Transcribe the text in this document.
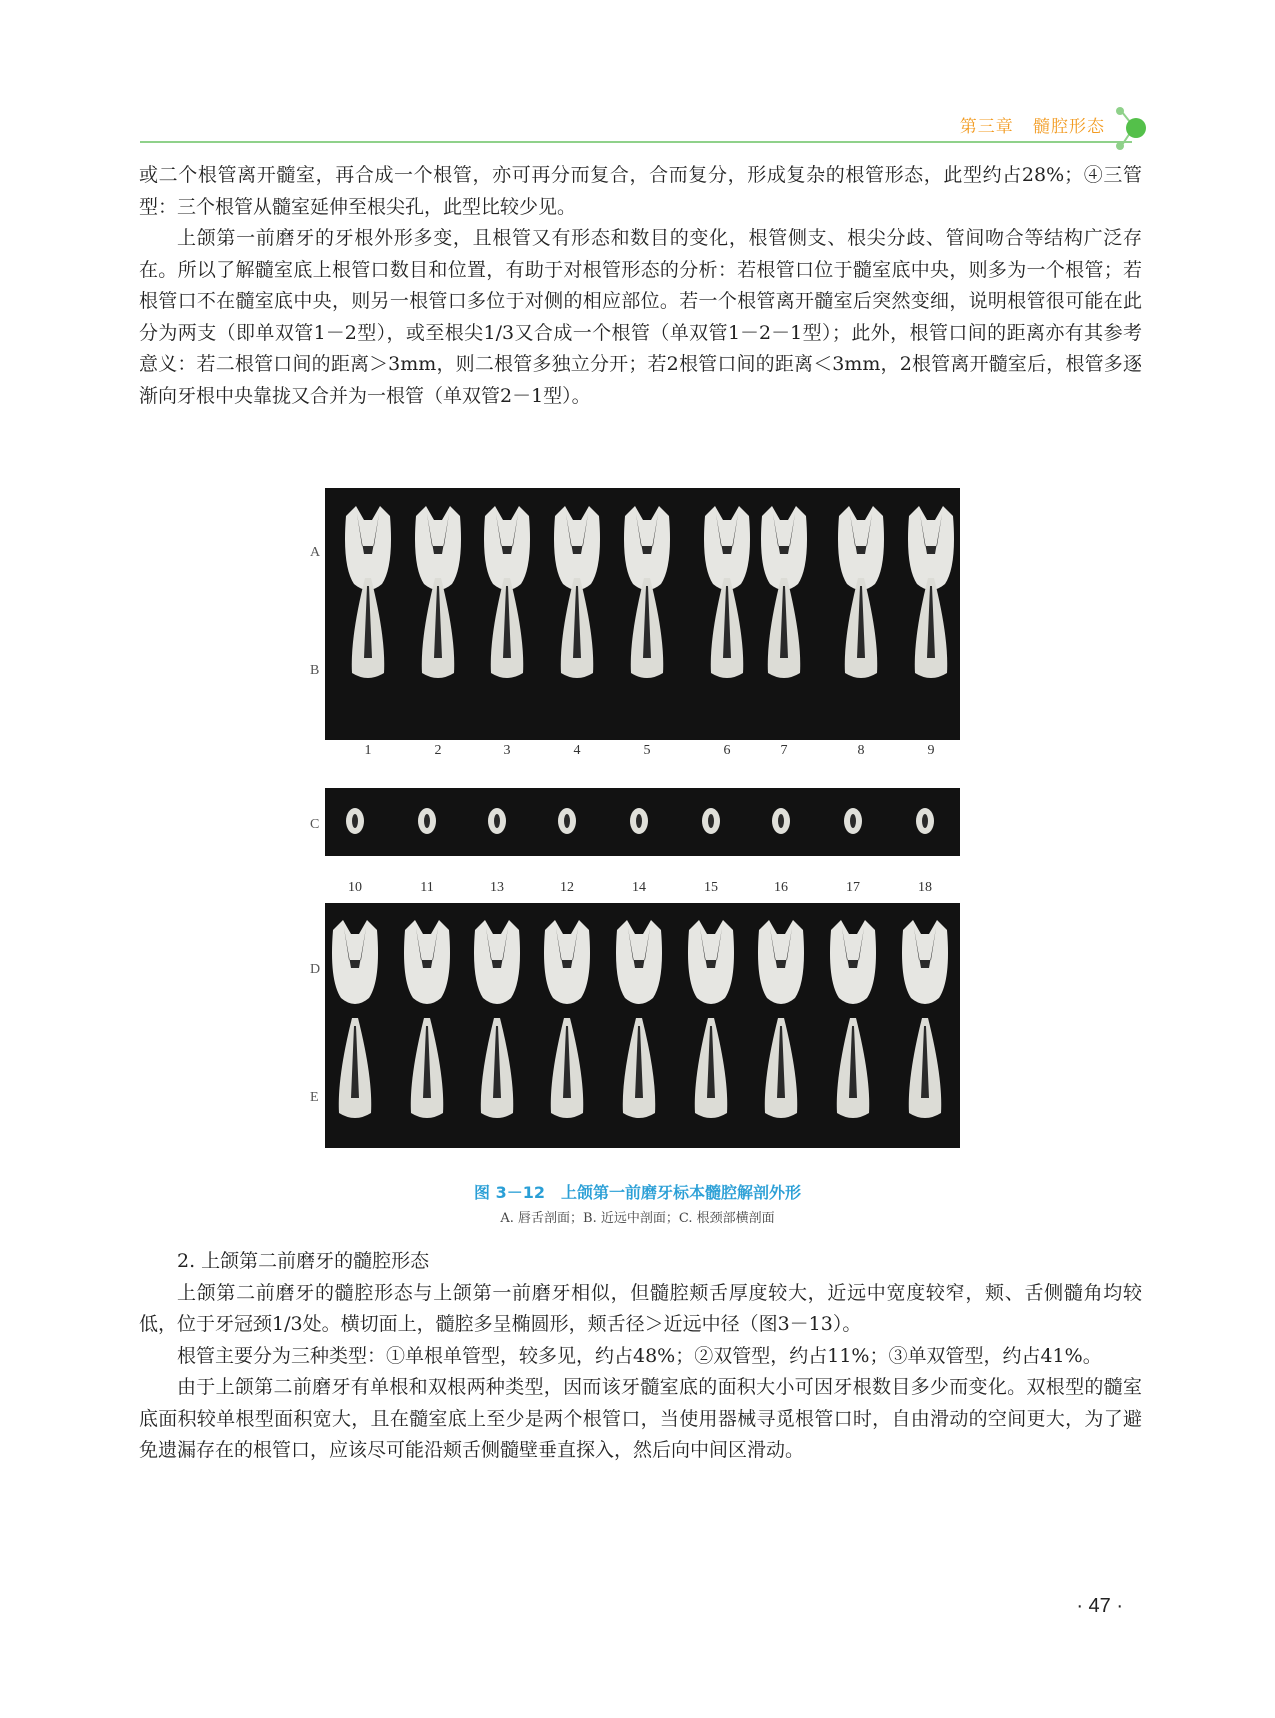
第三章 髓腔形态

或二个根管离开髓室，再合成一个根管，亦可再分而复合，合而复分，形成复杂的根管形态，此型约占28%；④三管型：三个根管从髓室延伸至根尖孔，此型比较少见。

上颌第一前磨牙的牙根外形多变，且根管又有形态和数目的变化，根管侧支、根尖分歧、管间吻合等结构广泛存在。所以了解髓室底上根管口数目和位置，有助于对根管形态的分析：若根管口位于髓室底中央，则多为一个根管；若根管口不在髓室底中央，则另一根管口多位于对侧的相应部位。若一个根管离开髓室后突然变细，说明根管很可能在此分为两支（即单双管1－2型），或至根尖1/3又合成一个根管（单双管1－2－1型）；此外，根管口间的距离亦有其参考意义：若二根管口间的距离＞3mm，则二根管多独立分开；若2根管口间的距离＜3mm，2根管离开髓室后，根管多逐渐向牙根中央靠拢又合并为一根管（单双管2－1型）。

A
B
C
D
E
1	2	3	4	5	6	7	8	9
10	11	13	12	14	15	16	17	18
图 3－12　上颌第一前磨牙标本髓腔解剖外形
A. 唇舌剖面；B. 近远中剖面；C. 根颈部横剖面

2. 上颌第二前磨牙的髓腔形态

上颌第二前磨牙的髓腔形态与上颌第一前磨牙相似，但髓腔颊舌厚度较大，近远中宽度较窄，颊、舌侧髓角均较低，位于牙冠颈1/3处。横切面上，髓腔多呈椭圆形，颊舌径＞近远中径（图3－13）。

根管主要分为三种类型：①单根单管型，较多见，约占48%；②双管型，约占11%；③单双管型，约占41%。

由于上颌第二前磨牙有单根和双根两种类型，因而该牙髓室底的面积大小可因牙根数目多少而变化。双根型的髓室底面积较单根型面积宽大，且在髓室底上至少是两个根管口，当使用器械寻觅根管口时，自由滑动的空间更大，为了避免遗漏存在的根管口，应该尽可能沿颊舌侧髓壁垂直探入，然后向中间区滑动。

· 47 ·
